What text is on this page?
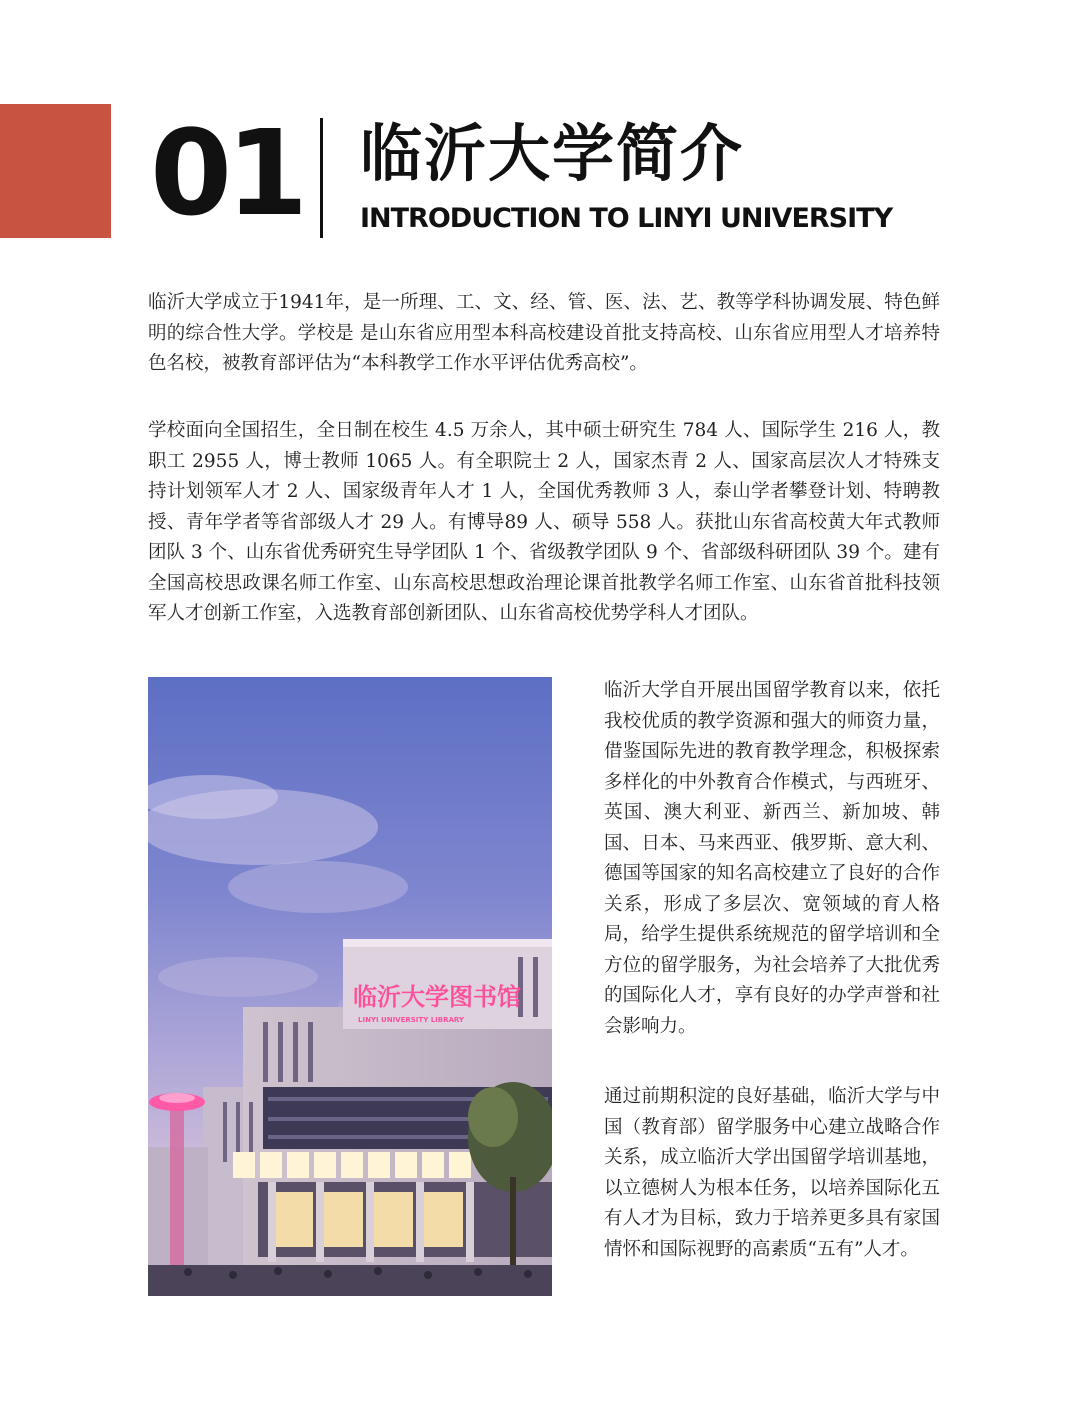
01 临沂大学简介
INTRODUCTION TO LINYI UNIVERSITY

临沂大学成立于1941年，是一所理、工、文、经、管、医、法、艺、教等学科协调发展、特色鲜明的综合性大学。学校是 是山东省应用型本科高校建设首批支持高校、山东省应用型人才培养特色名校，被教育部评估为“本科教学工作水平评估优秀高校”。

学校面向全国招生，全日制在校生 4.5 万余人，其中硕士研究生 784 人、国际学生 216 人，教职工 2955 人，博士教师 1065 人。有全职院士 2 人，国家杰青 2 人、国家高层次人才特殊支持计划领军人才 2 人、国家级青年人才 1 人，全国优秀教师 3 人，泰山学者攀登计划、特聘教授、青年学者等省部级人才 29 人。有博导89 人、硕导 558 人。获批山东省高校黄大年式教师团队 3 个、山东省优秀研究生导学团队 1 个、省级教学团队 9 个、省部级科研团队 39 个。建有全国高校思政课名师工作室、山东高校思想政治理论课首批教学名师工作室、山东省首批科技领军人才创新工作室，入选教育部创新团队、山东省高校优势学科人才团队。

临沂大学图书馆
LINYI UNIVERSITY LIBRARY

临沂大学自开展出国留学教育以来，依托我校优质的教学资源和强大的师资力量，借鉴国际先进的教育教学理念，积极探索多样化的中外教育合作模式，与西班牙、英国、澳大利亚、新西兰、新加坡、韩国、日本、马来西亚、俄罗斯、意大利、德国等国家的知名高校建立了良好的合作关系，形成了多层次、宽领域的育人格局，给学生提供系统规范的留学培训和全方位的留学服务，为社会培养了大批优秀的国际化人才，享有良好的办学声誉和社会影响力。

通过前期积淀的良好基础，临沂大学与中国（教育部）留学服务中心建立战略合作关系，成立临沂大学出国留学培训基地，以立德树人为根本任务，以培养国际化五有人才为目标，致力于培养更多具有家国情怀和国际视野的高素质“五有”人才。
